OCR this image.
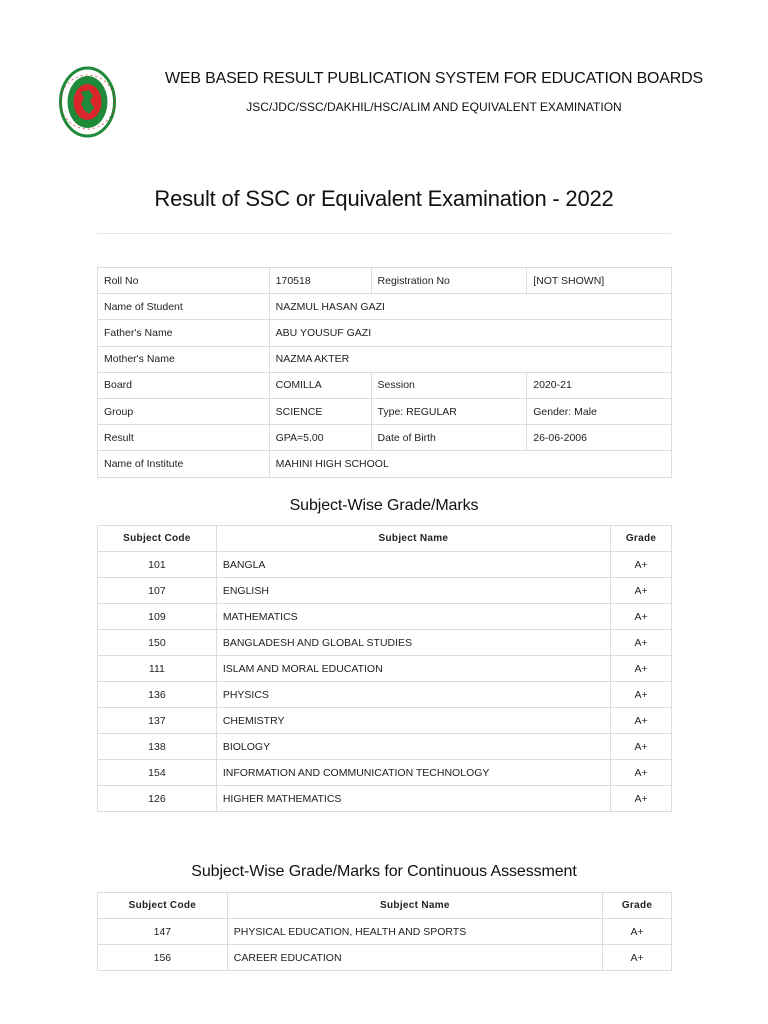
WEB BASED RESULT PUBLICATION SYSTEM FOR EDUCATION BOARDS
JSC/JDC/SSC/DAKHIL/HSC/ALIM AND EQUIVALENT EXAMINATION
Result of SSC or Equivalent Examination - 2022
Roll No	170518	Registration No	[NOT SHOWN]
Name of Student	NAZMUL HASAN GAZI		
Father's Name	ABU YOUSUF GAZI		
Mother's Name	NAZMA AKTER		
Board	COMILLA	Session	2020-21
Group	SCIENCE	Type: REGULAR	Gender: Male
Result	GPA=5.00	Date of Birth	26-06-2006
Name of Institute	MAHINI HIGH SCHOOL		
Subject-Wise Grade/Marks
Subject Code	Subject Name	Grade
101	BANGLA	A+
107	ENGLISH	A+
109	MATHEMATICS	A+
150	BANGLADESH AND GLOBAL STUDIES	A+
111	ISLAM AND MORAL EDUCATION	A+
136	PHYSICS	A+
137	CHEMISTRY	A+
138	BIOLOGY	A+
154	INFORMATION AND COMMUNICATION TECHNOLOGY	A+
126	HIGHER MATHEMATICS	A+
Subject-Wise Grade/Marks for Continuous Assessment
Subject Code	Subject Name	Grade
147	PHYSICAL EDUCATION, HEALTH AND SPORTS	A+
156	CAREER EDUCATION	A+
